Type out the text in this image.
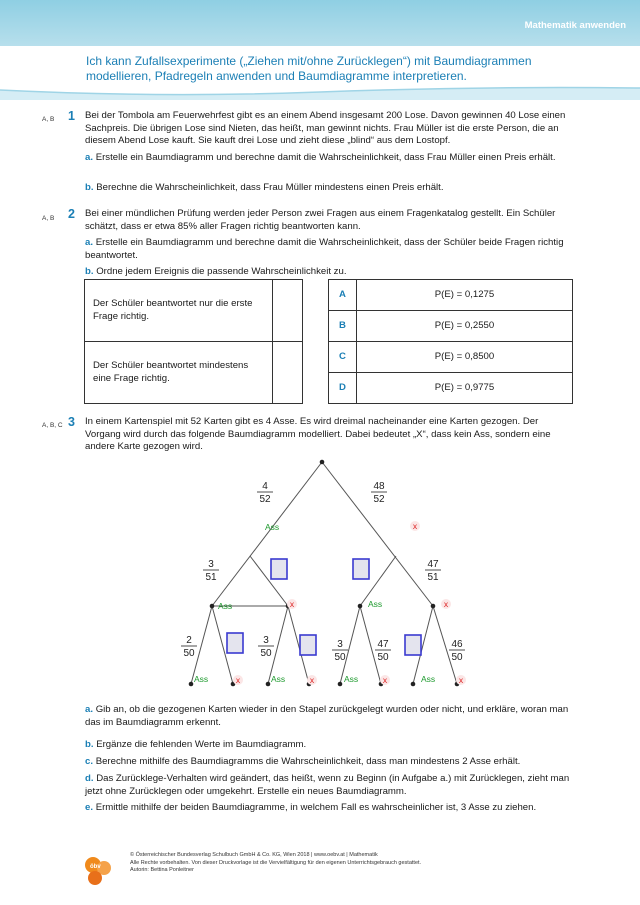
Mathematik anwenden
Ich kann Zufallsexperimente („Ziehen mit/ohne Zurücklegen“) mit Baumdiagrammen modellieren, Pfadregeln anwenden und Baumdiagramme interpretieren.
A, B 1 Bei der Tombola am Feuerwehrfest gibt es an einem Abend insgesamt 200 Lose. Davon gewinnen 40 Lose einen Sachpreis. Die übrigen Lose sind Nieten, das heißt, man gewinnt nichts. Frau Müller ist die erste Person, die an diesem Abend Lose kauft. Sie kauft drei Lose und zieht diese „blind“ aus dem Lostopf.
a. Erstelle ein Baumdiagramm und berechne damit die Wahrscheinlichkeit, dass Frau Müller einen Preis erhält.
b. Berechne die Wahrscheinlichkeit, dass Frau Müller mindestens einen Preis erhält.
A, B 2 Bei einer mündlichen Prüfung werden jeder Person zwei Fragen aus einem Fragenkatalog gestellt. Ein Schüler schätzt, dass er etwa 85% aller Fragen richtig beantworten kann.
a. Erstelle ein Baumdiagramm und berechne damit die Wahrscheinlichkeit, dass der Schüler beide Fragen richtig beantwortet.
b. Ordne jedem Ereignis die passende Wahrscheinlichkeit zu.
Der Schüler beantwortet nur die erste Frage richtig.	
Der Schüler beantwortet mindestens eine Frage richtig.	
A	P(E) = 0,1275
B	P(E) = 0,2550
C	P(E) = 0,8500
D	P(E) = 0,9775
A, B, C 3 In einem Kartenspiel mit 52 Karten gibt es 4 Asse. Es wird dreimal nacheinander eine Karten gezogen. Der Vorgang wird durch das folgende Baumdiagramm modelliert. Dabei bedeutet „X“, dass kein Ass, sondern eine andere Karte gezogen wird.
4
52
48
52
3
51
47
51
2
50
3
50
3
50
47
50
46
50
Ass
Ass	Ass
Ass	Ass	Ass	Ass
x
x	x
x	x	x	x
a. Gib an, ob die gezogenen Karten wieder in den Stapel zurückgelegt wurden oder nicht, und erkläre, woran man das im Baumdiagramm erkennt.
b. Ergänze die fehlenden Werte im Baumdiagramm.
c. Berechne mithilfe des Baumdiagramms die Wahrscheinlichkeit, dass man mindestens 2 Asse erhält.
d. Das Zurücklege-Verhalten wird geändert, das heißt, wenn zu Beginn (in Aufgabe a.) mit Zurücklegen, zieht man jetzt ohne Zurücklegen oder umgekehrt. Erstelle ein neues Baumdiagramm.
e. Ermittle mithilfe der beiden Baumdiagramme, in welchem Fall es wahrscheinlicher ist, 3 Asse zu ziehen.
öbv
© Österreichischer Bundesverlag Schulbuch GmbH & Co. KG, Wien 2018 | www.oebv.at | Mathematik
Alle Rechte vorbehalten. Von dieser Druckvorlage ist die Vervielfältigung für den eigenen Unterrichtsgebrauch gestattet.
Autorin: Bettina Ponleitner
